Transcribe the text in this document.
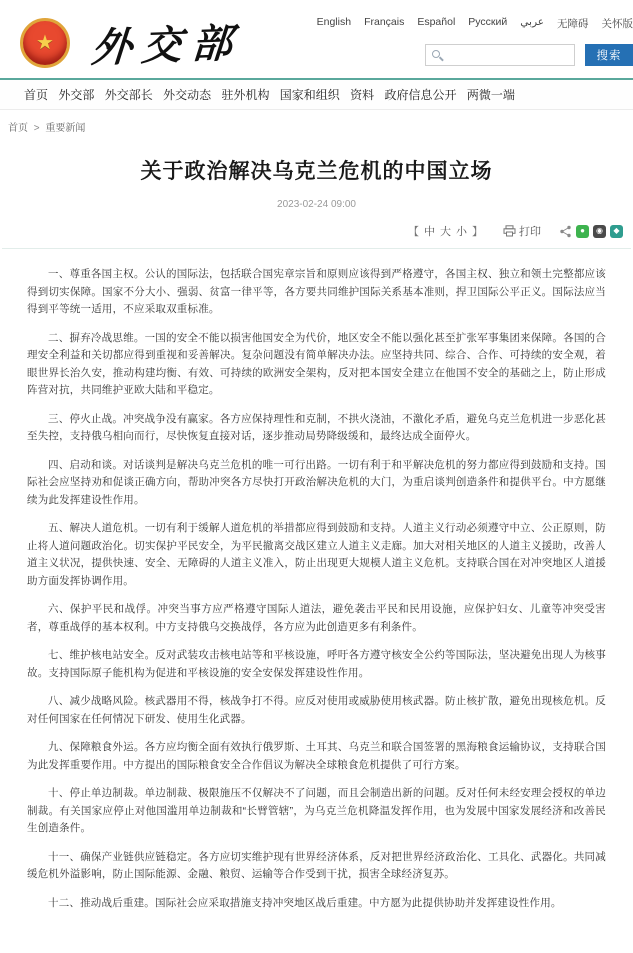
★ 外交部	English Français Español Русский عربي 无障碍 关怀版
搜索
首页 外交部 外交部长 外交动态 驻外机构 国家和组织 资料 政府信息公开 两微一端
首页 > 重要新闻
关于政治解决乌克兰危机的中国立场
2023-02-24 09:00
【 中 大 小 】	打印	●	◉	◆

一、尊重各国主权。公认的国际法，包括联合国宪章宗旨和原则应该得到严格遵守，各国主权、独立和领土完整都应该得到切实保障。国家不分大小、强弱、贫富一律平等，各方要共同维护国际关系基本准则，捍卫国际公平正义。国际法应当得到平等统一适用，不应采取双重标准。

二、摒弃冷战思维。一国的安全不能以损害他国安全为代价，地区安全不能以强化甚至扩张军事集团来保障。各国的合理安全利益和关切都应得到重视和妥善解决。复杂问题没有简单解决办法。应坚持共同、综合、合作、可持续的安全观，着眼世界长治久安，推动构建均衡、有效、可持续的欧洲安全架构，反对把本国安全建立在他国不安全的基础之上，防止形成阵营对抗，共同维护亚欧大陆和平稳定。

三、停火止战。冲突战争没有赢家。各方应保持理性和克制，不拱火浇油，不激化矛盾，避免乌克兰危机进一步恶化甚至失控，支持俄乌相向而行，尽快恢复直接对话，逐步推动局势降级缓和，最终达成全面停火。

四、启动和谈。对话谈判是解决乌克兰危机的唯一可行出路。一切有利于和平解决危机的努力都应得到鼓励和支持。国际社会应坚持劝和促谈正确方向，帮助冲突各方尽快打开政治解决危机的大门，为重启谈判创造条件和提供平台。中方愿继续为此发挥建设性作用。

五、解决人道危机。一切有利于缓解人道危机的举措都应得到鼓励和支持。人道主义行动必须遵守中立、公正原则，防止将人道问题政治化。切实保护平民安全，为平民撤离交战区建立人道主义走廊。加大对相关地区的人道主义援助，改善人道主义状况，提供快速、安全、无障碍的人道主义准入，防止出现更大规模人道主义危机。支持联合国在对冲突地区人道援助方面发挥协调作用。

六、保护平民和战俘。冲突当事方应严格遵守国际人道法，避免袭击平民和民用设施，应保护妇女、儿童等冲突受害者，尊重战俘的基本权利。中方支持俄乌交换战俘，各方应为此创造更多有利条件。

七、维护核电站安全。反对武装攻击核电站等和平核设施，呼吁各方遵守核安全公约等国际法，坚决避免出现人为核事故。支持国际原子能机构为促进和平核设施的安全安保发挥建设性作用。

八、减少战略风险。核武器用不得，核战争打不得。应反对使用或威胁使用核武器。防止核扩散，避免出现核危机。反对任何国家在任何情况下研发、使用生化武器。

九、保障粮食外运。各方应均衡全面有效执行俄罗斯、土耳其、乌克兰和联合国签署的黑海粮食运输协议，支持联合国为此发挥重要作用。中方提出的国际粮食安全合作倡议为解决全球粮食危机提供了可行方案。

十、停止单边制裁。单边制裁、极限施压不仅解决不了问题，而且会制造出新的问题。反对任何未经安理会授权的单边制裁。有关国家应停止对他国滥用单边制裁和“长臂管辖”，为乌克兰危机降温发挥作用，也为发展中国家发展经济和改善民生创造条件。

十一、确保产业链供应链稳定。各方应切实维护现有世界经济体系，反对把世界经济政治化、工具化、武器化。共同减缓危机外溢影响，防止国际能源、金融、粮贸、运输等合作受到干扰，损害全球经济复苏。

十二、推动战后重建。国际社会应采取措施支持冲突地区战后重建。中方愿为此提供协助并发挥建设性作用。
